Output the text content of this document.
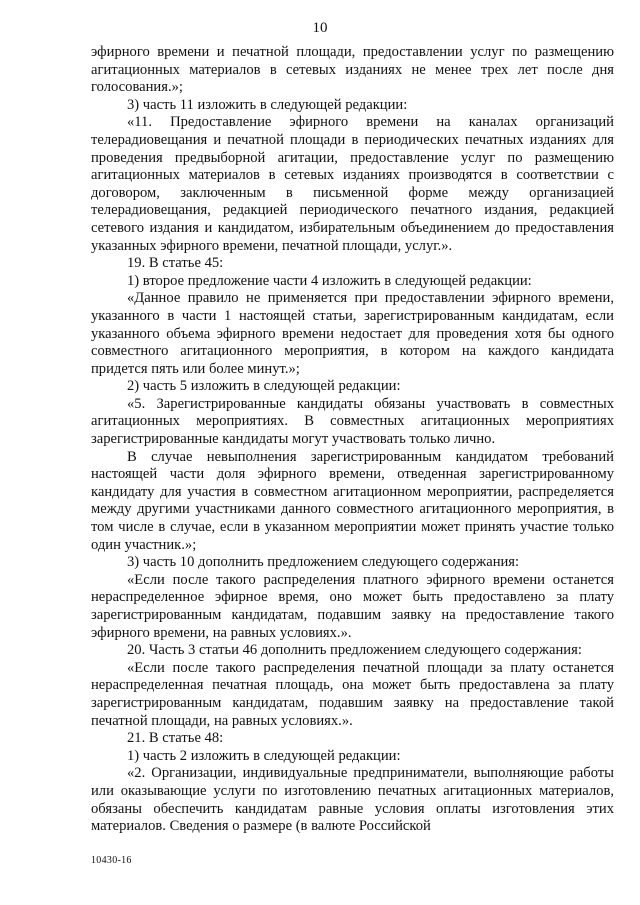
10

эфирного времени и печатной площади, предоставлении услуг по размещению агитационных материалов в сетевых изданиях не менее трех лет после дня голосования.»;

3) часть 11 изложить в следующей редакции:

«11. Предоставление эфирного времени на каналах организаций телерадиовещания и печатной площади в периодических печатных изданиях для проведения предвыборной агитации, предоставление услуг по размещению агитационных материалов в сетевых изданиях производятся в соответствии с договором, заключенным в письменной форме между организацией телерадиовещания, редакцией периодического печатного издания, редакцией сетевого издания и кандидатом, избирательным объединением до предоставления указанных эфирного времени, печатной площади, услуг.».

19. В статье 45:

1) второе предложение части 4 изложить в следующей редакции:

«Данное правило не применяется при предоставлении эфирного времени, указанного в части 1 настоящей статьи, зарегистрированным кандидатам, если указанного объема эфирного времени недостает для проведения хотя бы одного совместного агитационного мероприятия, в котором на каждого кандидата придется пять или более минут.»;

2) часть 5 изложить в следующей редакции:

«5. Зарегистрированные кандидаты обязаны участвовать в совместных агитационных мероприятиях. В совместных агитационных мероприятиях зарегистрированные кандидаты могут участвовать только лично.

В случае невыполнения зарегистрированным кандидатом требований настоящей части доля эфирного времени, отведенная зарегистрированному кандидату для участия в совместном агитационном мероприятии, распределяется между другими участниками данного совместного агитационного мероприятия, в том числе в случае, если в указанном мероприятии может принять участие только один участник.»;

3) часть 10 дополнить предложением следующего содержания:

«Если после такого распределения платного эфирного времени останется нераспределенное эфирное время, оно может быть предоставлено за плату зарегистрированным кандидатам, подавшим заявку на предоставление такого эфирного времени, на равных условиях.».

20. Часть 3 статьи 46 дополнить предложением следующего содержания:

«Если после такого распределения печатной площади за плату останется нераспределенная печатная площадь, она может быть предоставлена за плату зарегистрированным кандидатам, подавшим заявку на предоставление такой печатной площади, на равных условиях.».

21. В статье 48:

1) часть 2 изложить в следующей редакции:

«2. Организации, индивидуальные предприниматели, выполняющие работы или оказывающие услуги по изготовлению печатных агитационных материалов, обязаны обеспечить кандидатам равные условия оплаты изготовления этих материалов. Сведения о размере (в валюте Российской

10430-16
